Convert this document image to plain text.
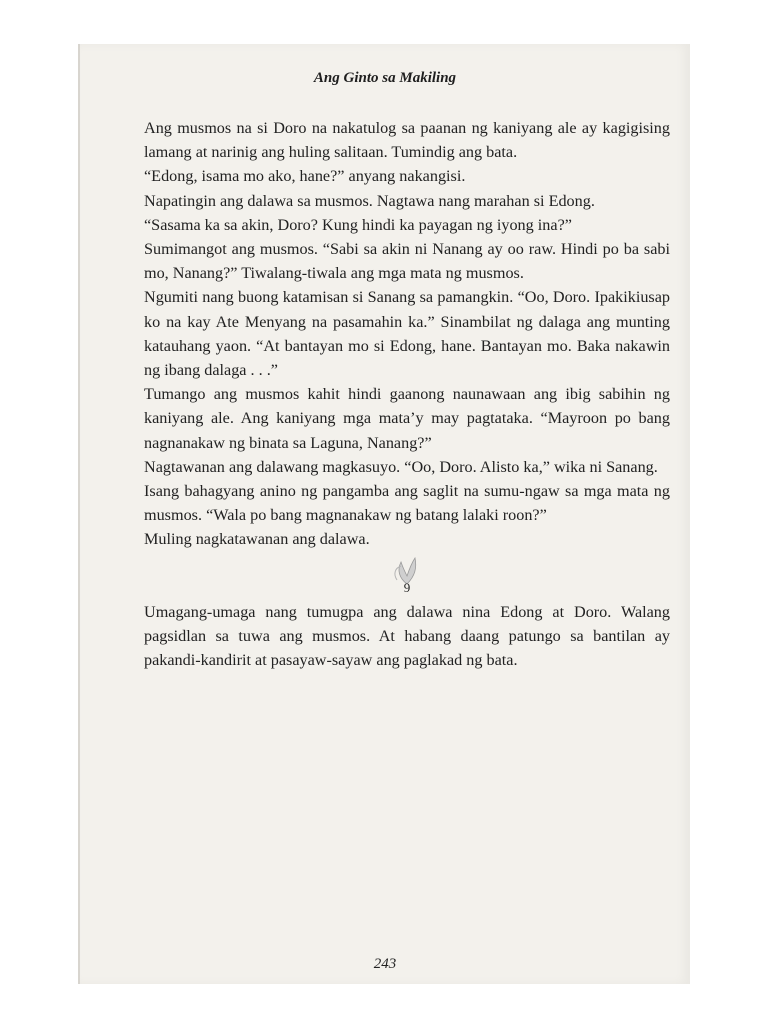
Ang Ginto sa Makiling

Ang musmos na si Doro na nakatulog sa paanan ng kaniyang ale ay kagigising lamang at narinig ang huling salitaan. Tumindig ang bata.

“Edong, isama mo ako, hane?” anyang nakangisi.

Napatingin ang dalawa sa musmos. Nagtawa nang marahan si Edong.

“Sasama ka sa akin, Doro? Kung hindi ka payagan ng iyong ina?”

Sumimangot ang musmos. “Sabi sa akin ni Nanang ay oo raw. Hindi po ba sabi mo, Nanang?” Tiwalang-tiwala ang mga mata ng musmos.

Ngumiti nang buong katamisan si Sanang sa pamangkin. “Oo, Doro. Ipakikiusap ko na kay Ate Menyang na pasamahin ka.” Sinambilat ng dalaga ang munting katauhang yaon. “At bantayan mo si Edong, hane. Bantayan mo. Baka nakawin ng ibang dalaga . . .”

Tumango ang musmos kahit hindi gaanong naunawaan ang ibig sabihin ng kaniyang ale. Ang kaniyang mga mata’y may pagtataka. “Mayroon po bang nagnanakaw ng binata sa Laguna, Nanang?”

Nagtawanan ang dalawang magkasuyo. “Oo, Doro. Alisto ka,” wika ni Sanang.

Isang bahagyang anino ng pangamba ang saglit na sumu-ngaw sa mga mata ng musmos. “Wala po bang magnanakaw ng batang lalaki roon?”

Muling nagkatawanan ang dalawa.

9

Umagang-umaga nang tumugpa ang dalawa nina Edong at Doro. Walang pagsidlan sa tuwa ang musmos. At habang daang patungo sa bantilan ay pakandi-kandirit at pasayaw-sayaw ang paglakad ng bata.

243
